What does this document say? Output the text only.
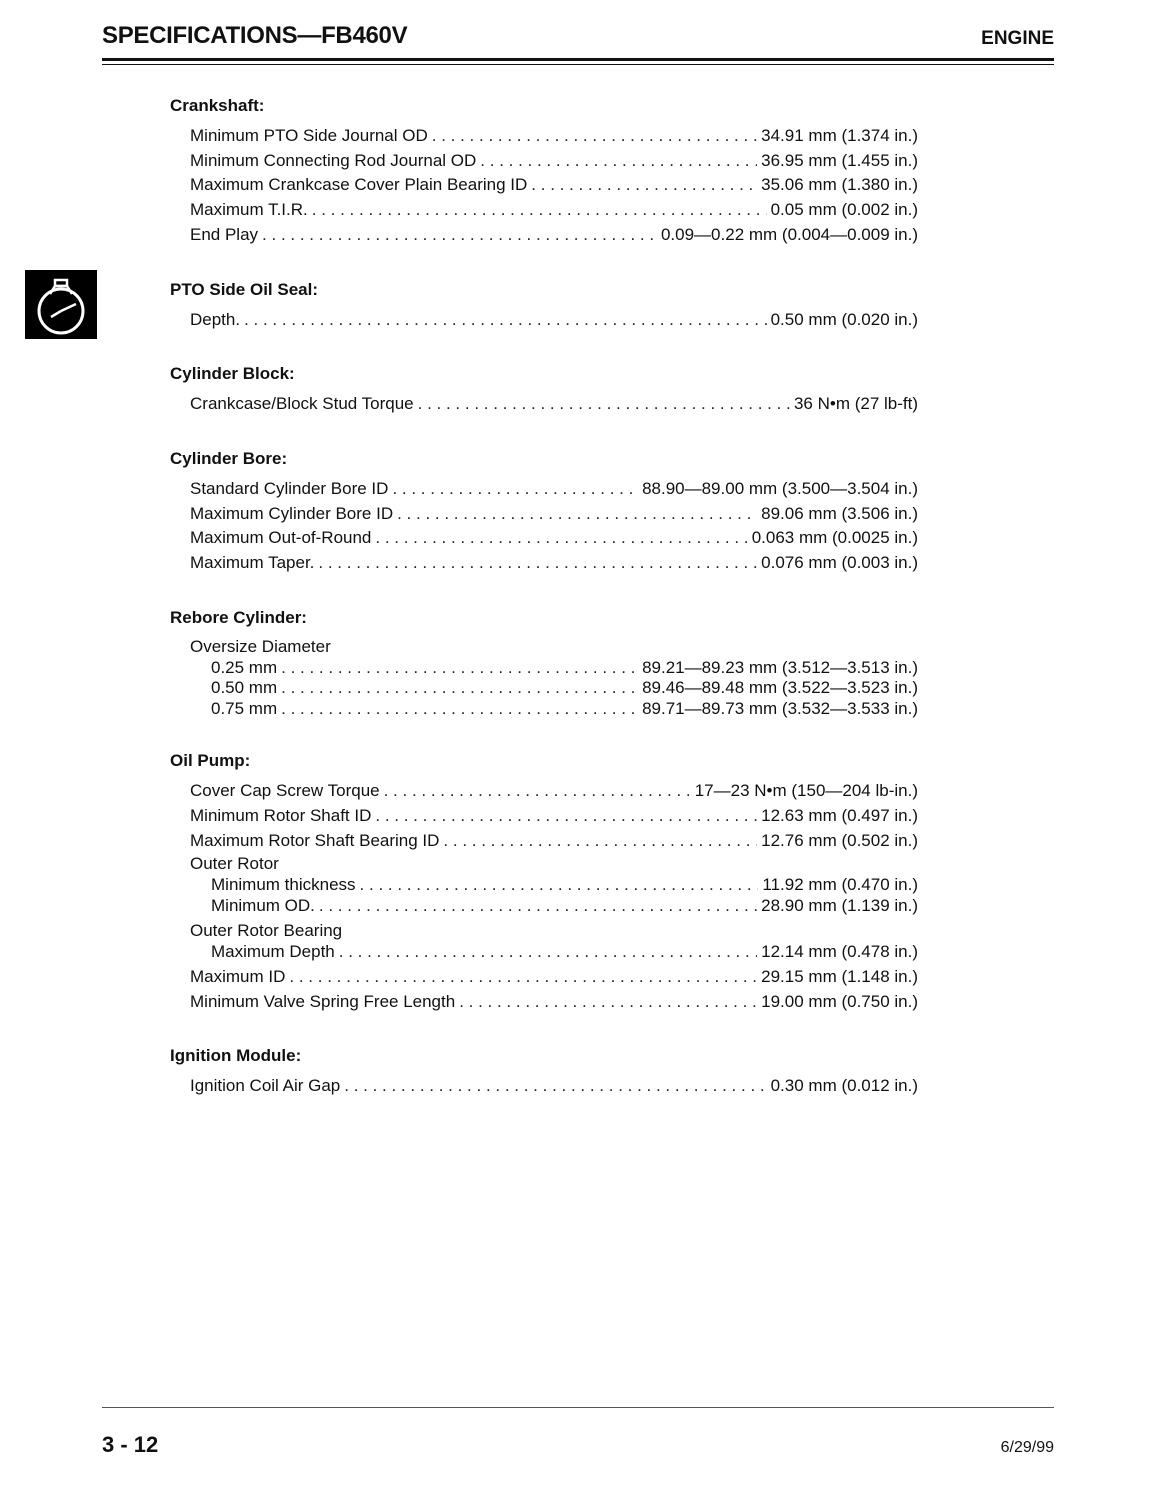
SPECIFICATIONS—FB460V	ENGINE
Crankshaft:
Minimum PTO Side Journal OD . . .	34.91 mm (1.374 in.)
Minimum Connecting Rod Journal OD . . .	36.95 mm (1.455 in.)
Maximum Crankcase Cover Plain Bearing ID . . .	35.06 mm (1.380 in.)
Maximum T.I.R. . . .	0.05 mm (0.002 in.)
End Play . . .	0.09—0.22 mm (0.004—0.009 in.)
PTO Side Oil Seal:
Depth. . . .	0.50 mm (0.020 in.)
Cylinder Block:
Crankcase/Block Stud Torque . . .	36 N•m (27 lb-ft)
Cylinder Bore:
Standard Cylinder Bore ID . . .	88.90—89.00 mm (3.500—3.504 in.)
Maximum Cylinder Bore ID . . .	89.06 mm (3.506 in.)
Maximum Out-of-Round . . .	0.063 mm (0.0025 in.)
Maximum Taper. . . .	0.076 mm (0.003 in.)
Rebore Cylinder:
Oversize Diameter
0.25 mm . . .	89.21—89.23 mm (3.512—3.513 in.)
0.50 mm . . .	89.46—89.48 mm (3.522—3.523 in.)
0.75 mm . . .	89.71—89.73 mm (3.532—3.533 in.)
Oil Pump:
Cover Cap Screw Torque . . .	17—23 N•m (150—204 lb-in.)
Minimum Rotor Shaft ID . . .	12.63 mm (0.497 in.)
Maximum Rotor Shaft Bearing ID . . .	12.76 mm (0.502 in.)
Outer Rotor
Minimum thickness . . .	11.92 mm (0.470 in.)
Minimum OD. . . .	28.90 mm (1.139 in.)
Outer Rotor Bearing
Maximum Depth . . .	12.14 mm (0.478 in.)
Maximum ID . . .	29.15 mm (1.148 in.)
Minimum Valve Spring Free Length . . .	19.00 mm (0.750 in.)
Ignition Module:
Ignition Coil Air Gap . . .	0.30 mm (0.012 in.)
3 - 12	6/29/99
